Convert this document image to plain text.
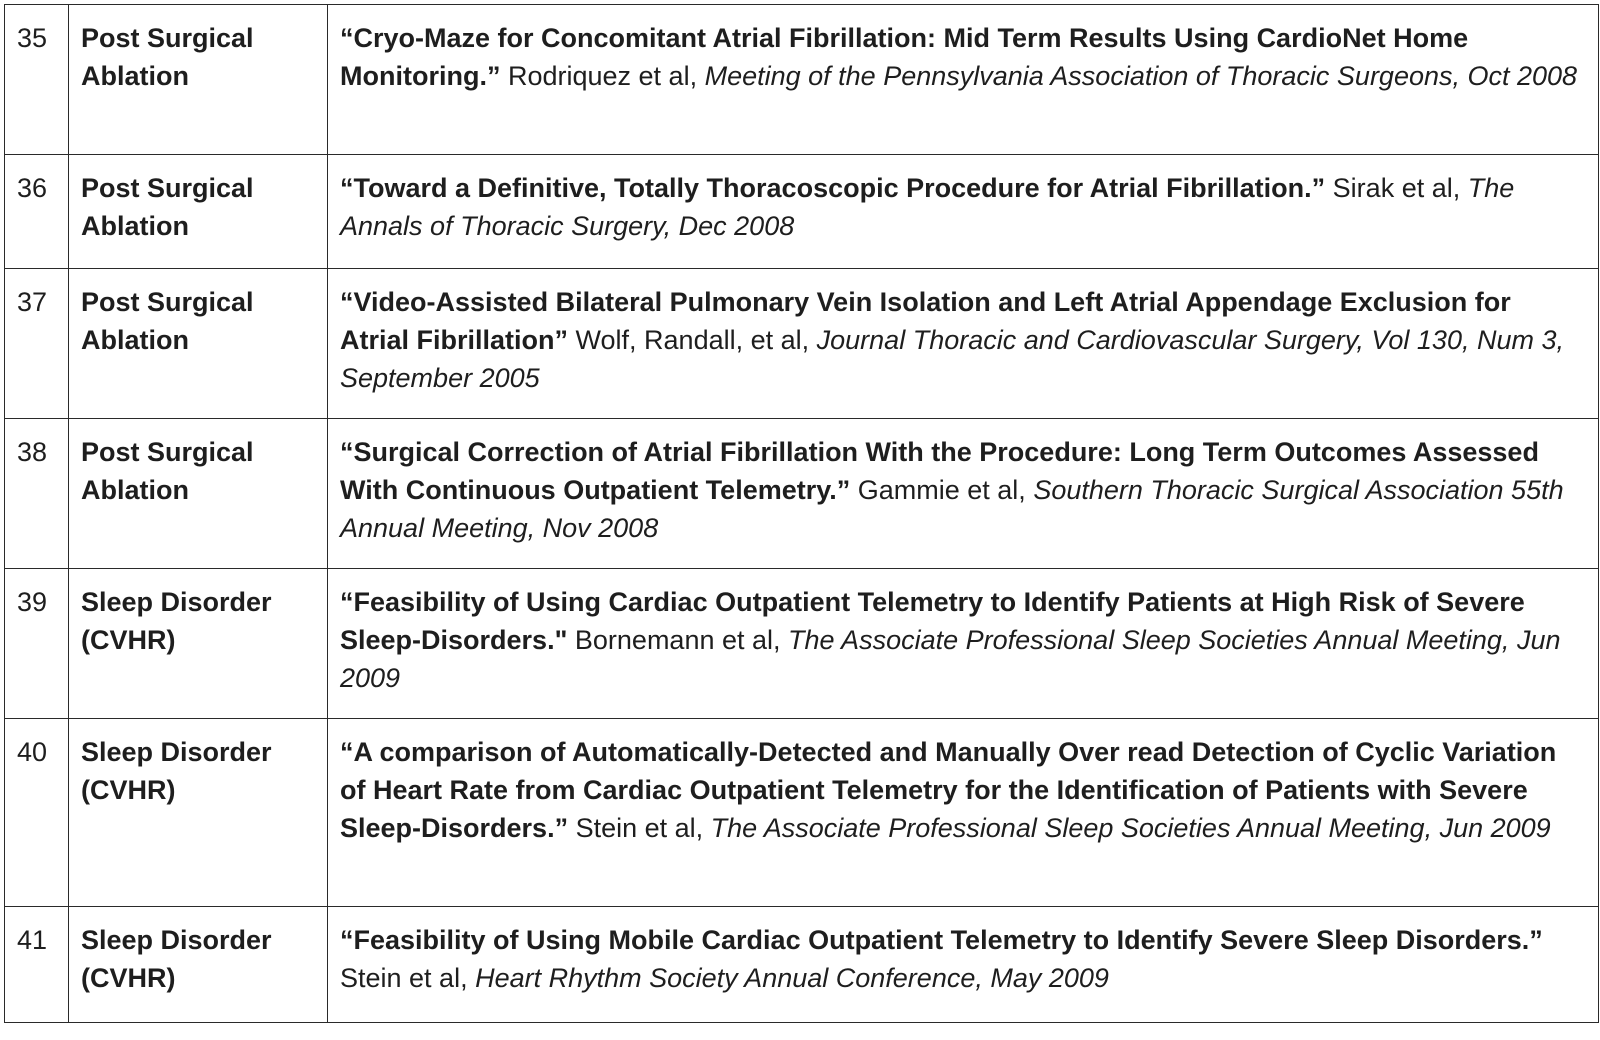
35	Post Surgical Ablation	“Cryo-Maze for Concomitant Atrial Fibrillation: Mid Term Results Using CardioNet Home Monitoring.” Rodriquez et al, Meeting of the Pennsylvania Association of Thoracic Surgeons, Oct 2008
36	Post Surgical Ablation	“Toward a Definitive, Totally Thoracoscopic Procedure for Atrial Fibrillation.” Sirak et al, The Annals of Thoracic Surgery, Dec 2008
37	Post Surgical Ablation	“Video-Assisted Bilateral Pulmonary Vein Isolation and Left Atrial Appendage Exclusion for Atrial Fibrillation” Wolf, Randall, et al, Journal Thoracic and Cardiovascular Surgery, Vol 130, Num 3, September 2005
38	Post Surgical Ablation	“Surgical Correction of Atrial Fibrillation With the Procedure: Long Term Outcomes Assessed With Continuous Outpatient Telemetry.” Gammie et al, Southern Thoracic Surgical Association 55th Annual Meeting, Nov 2008
39	Sleep Disorder (CVHR)	“Feasibility of Using Cardiac Outpatient Telemetry to Identify Patients at High Risk of Severe Sleep-Disorders." Bornemann et al, The Associate Professional Sleep Societies Annual Meeting, Jun 2009
40	Sleep Disorder (CVHR)	“A comparison of Automatically-Detected and Manually Over read Detection of Cyclic Variation of Heart Rate from Cardiac Outpatient Telemetry for the Identification of Patients with Severe Sleep-Disorders.” Stein et al, The Associate Professional Sleep Societies Annual Meeting, Jun 2009
41	Sleep Disorder (CVHR)	“Feasibility of Using Mobile Cardiac Outpatient Telemetry to Identify Severe Sleep Disorders.” Stein et al, Heart Rhythm Society Annual Conference, May 2009
